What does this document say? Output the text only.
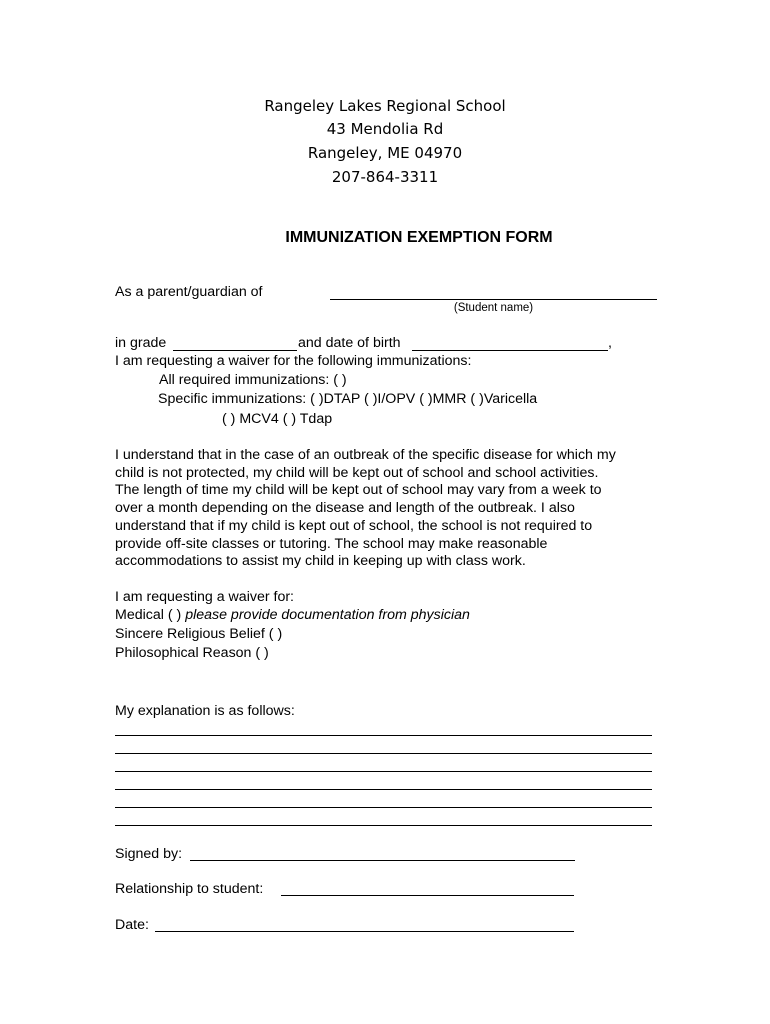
Rangeley Lakes Regional School
43 Mendolia Rd
Rangeley, ME 04970
207-864-3311
IMMUNIZATION EXEMPTION FORM
As a parent/guardian of
(Student name)
in grade	and date of birth	,
I am requesting a waiver for the following immunizations:
All required immunizations: ( )
Specific immunizations: ( )DTAP ( )I/OPV ( )MMR ( )Varicella
( ) MCV4 ( ) Tdap
I understand that in the case of an outbreak of the specific disease for which my
child is not protected, my child will be kept out of school and school activities.
The length of time my child will be kept out of school may vary from a week to
over a month depending on the disease and length of the outbreak. I also
understand that if my child is kept out of school, the school is not required to
provide off-site classes or tutoring. The school may make reasonable
accommodations to assist my child in keeping up with class work.
I am requesting a waiver for:
Medical ( ) please provide documentation from physician
Sincere Religious Belief ( )
Philosophical Reason ( )
My explanation is as follows:
Signed by:
Relationship to student:
Date:
